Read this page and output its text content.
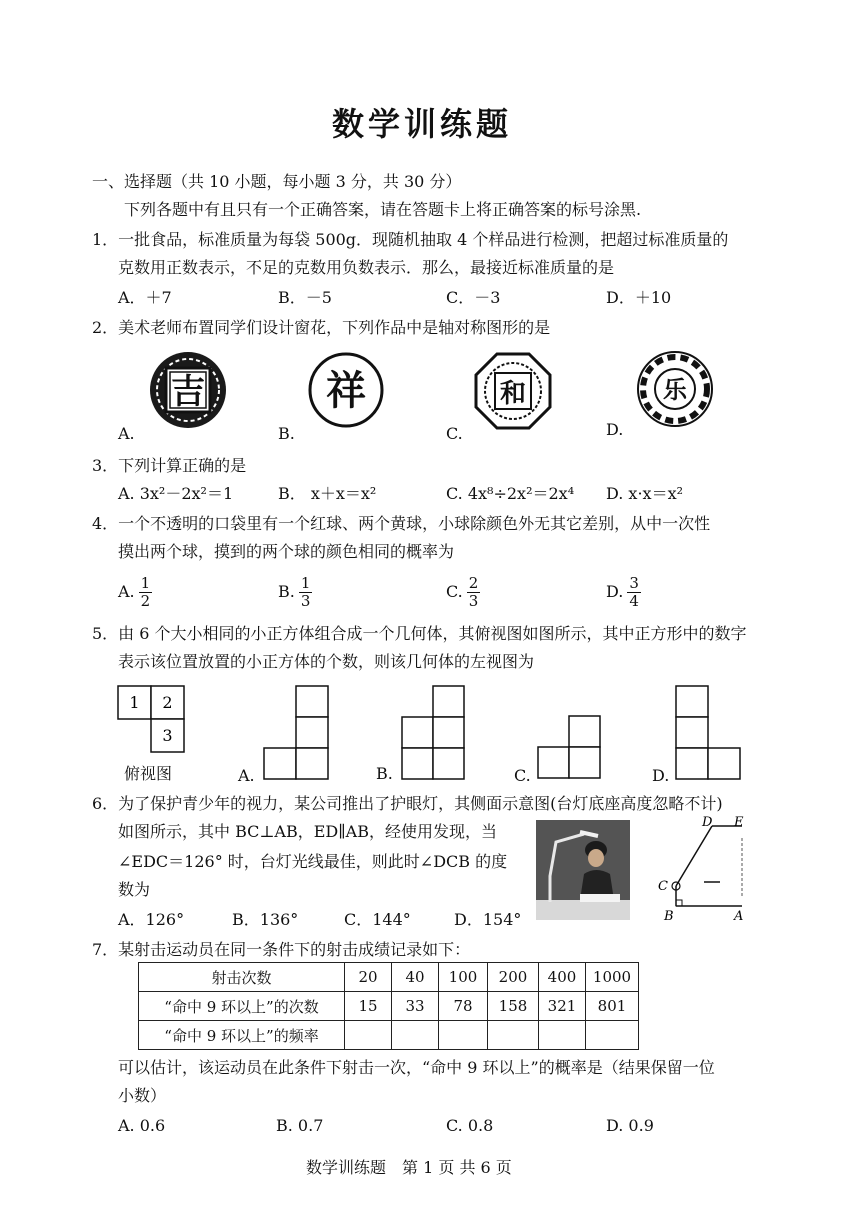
数学训练题
一、选择题（共 10 小题，每小题 3 分，共 30 分）
下列各题中有且只有一个正确答案，请在答题卡上将正确答案的标号涂黑.
1．一批食品，标准质量为每袋 500g．现随机抽取 4 个样品进行检测，把超过标准质量的
克数用正数表示，不足的克数用负数表示．那么，最接近标准质量的是
A．＋7	B．－5	C．－3	D．＋10
2．美术老师布置同学们设计窗花，下列作品中是轴对称图形的是
A.
吉
B.
祥
C.
和
D.
乐
3．下列计算正确的是
A. 3x²－2x²＝1	B． x＋x＝x²	C. 4x⁸÷2x²＝2x⁴ D. x·x＝x²
4．一个不透明的口袋里有一个红球、两个黄球，小球除颜色外无其它差别，从中一次性
摸出两个球，摸到的两个球的颜色相同的概率为
A. $\frac{1}{2}$	B. $\frac{1}{3}$	C. $\frac{2}{3}$	D. $\frac{3}{4}$
5．由 6 个大小相同的小正方体组合成一个几何体，其俯视图如图所示，其中正方形中的数字
表示该位置放置的小正方体的个数，则该几何体的左视图为
1 2
3
俯视图	A.	B.	C.	D.
6．为了保护青少年的视力，某公司推出了护眼灯，其侧面示意图(台灯底座高度忽略不计)
如图所示，其中 BC⊥AB，ED∥AB，经使用发现，当
∠EDC＝126° 时，台灯光线最佳，则此时∠DCB 的度
数为
A．126°	B．136°	C．144°	D．154°
D E
C
B	A
7．某射击运动员在同一条件下的射击成绩记录如下：
射击次数	20	40	100	200	400	1000
“命中 9 环以上”的次数	15	33	78	158	321	801
“命中 9 环以上”的频率						
可以估计，该运动员在此条件下射击一次，“命中 9 环以上”的概率是（结果保留一位
小数）
A. 0.6	B. 0.7	C. 0.8	D. 0.9
数学训练题　第 1 页 共 6 页
